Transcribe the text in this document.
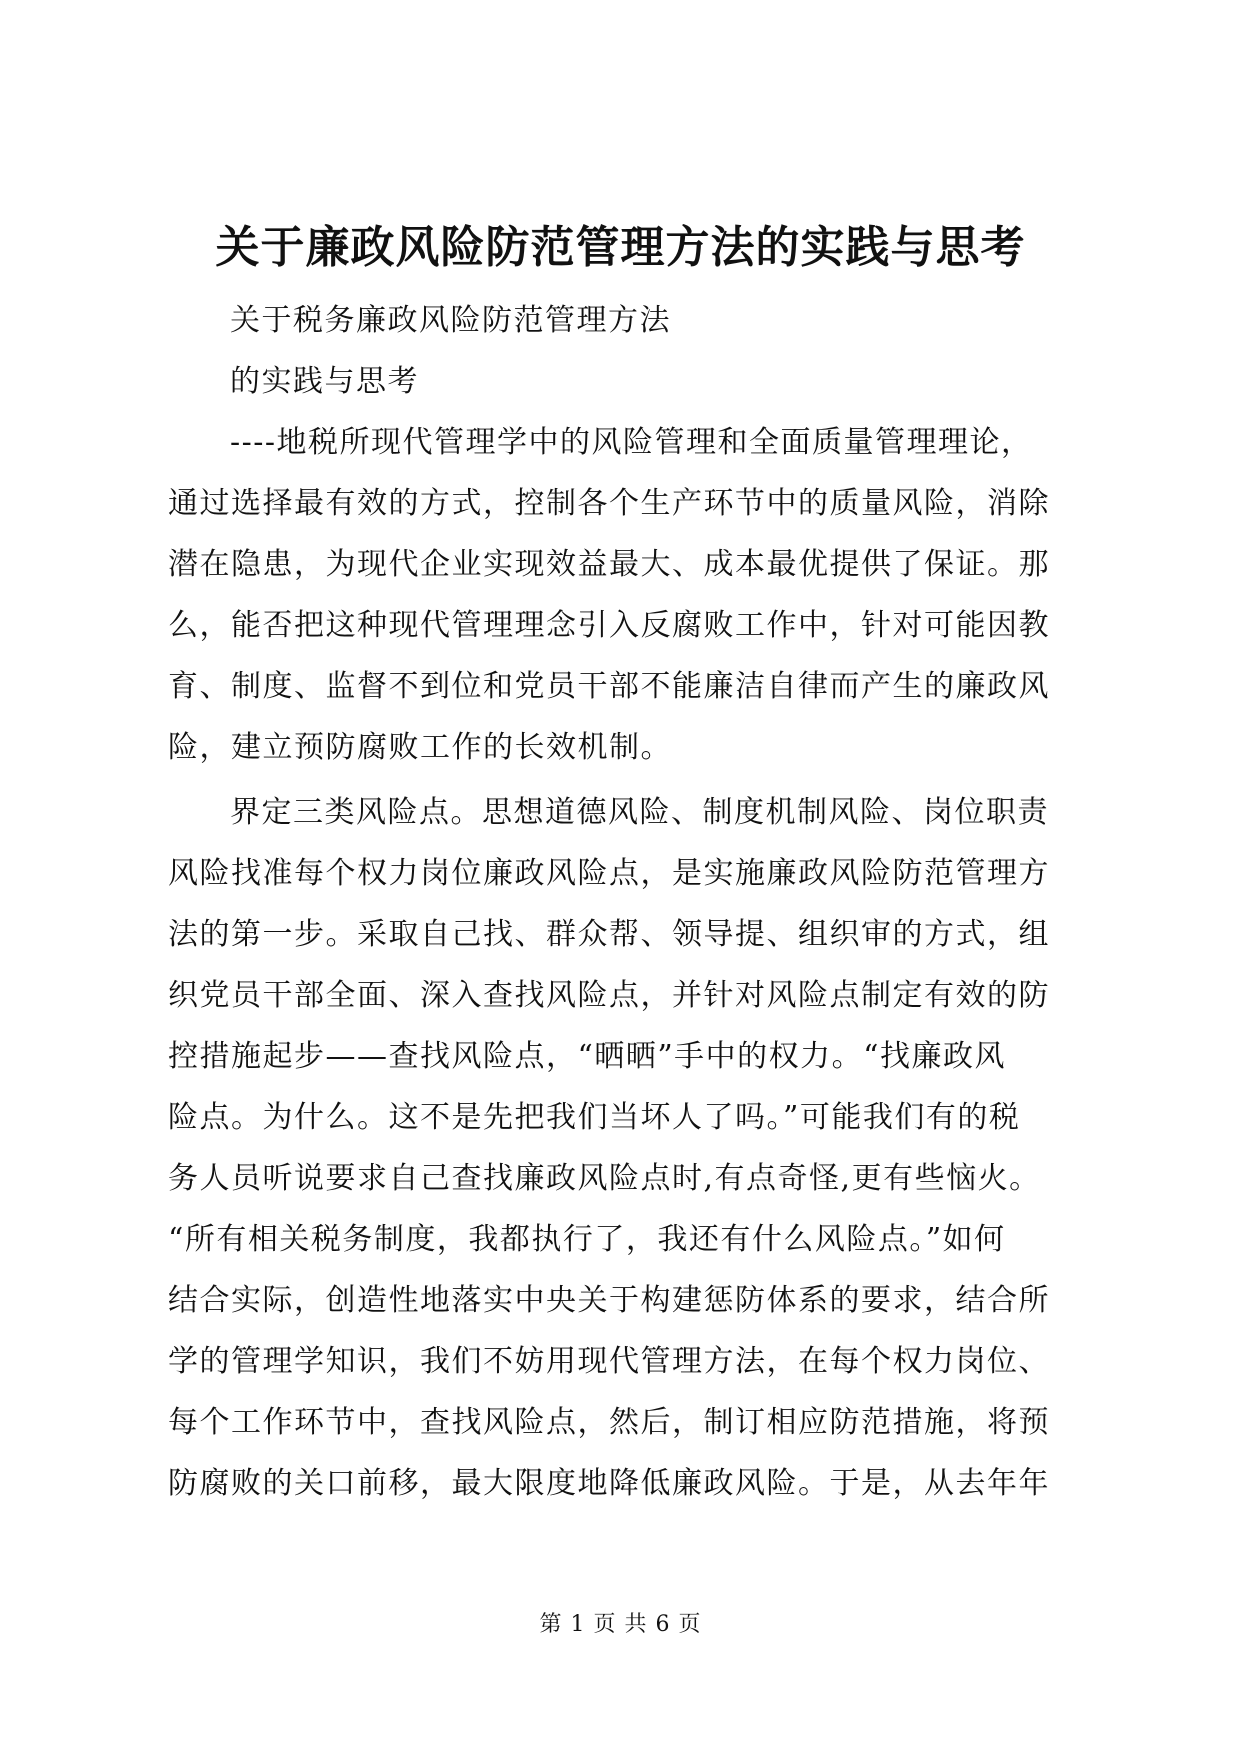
关于廉政风险防范管理方法的实践与思考

关于税务廉政风险防范管理方法

的实践与思考

----地税所现代管理学中的风险管理和全面质量管理理论，

通过选择最有效的方式，控制各个生产环节中的质量风险，消除

潜在隐患，为现代企业实现效益最大、成本最优提供了保证。那

么，能否把这种现代管理理念引入反腐败工作中，针对可能因教

育、制度、监督不到位和党员干部不能廉洁自律而产生的廉政风

险，建立预防腐败工作的长效机制。

界定三类风险点。思想道德风险、制度机制风险、岗位职责

风险找准每个权力岗位廉政风险点，是实施廉政风险防范管理方

法的第一步。采取自己找、群众帮、领导提、组织审的方式，组

织党员干部全面、深入查找风险点，并针对风险点制定有效的防

控措施起步——查找风险点，“晒晒”手中的权力。“找廉政风

险点。为什么。这不是先把我们当坏人了吗。”可能我们有的税

务人员听说要求自己查找廉政风险点时,有点奇怪,更有些恼火。

“所有相关税务制度，我都执行了，我还有什么风险点。”如何

结合实际，创造性地落实中央关于构建惩防体系的要求，结合所

学的管理学知识，我们不妨用现代管理方法，在每个权力岗位、

每个工作环节中，查找风险点，然后，制订相应防范措施，将预

防腐败的关口前移，最大限度地降低廉政风险。于是，从去年年

第 1 页 共 6 页
